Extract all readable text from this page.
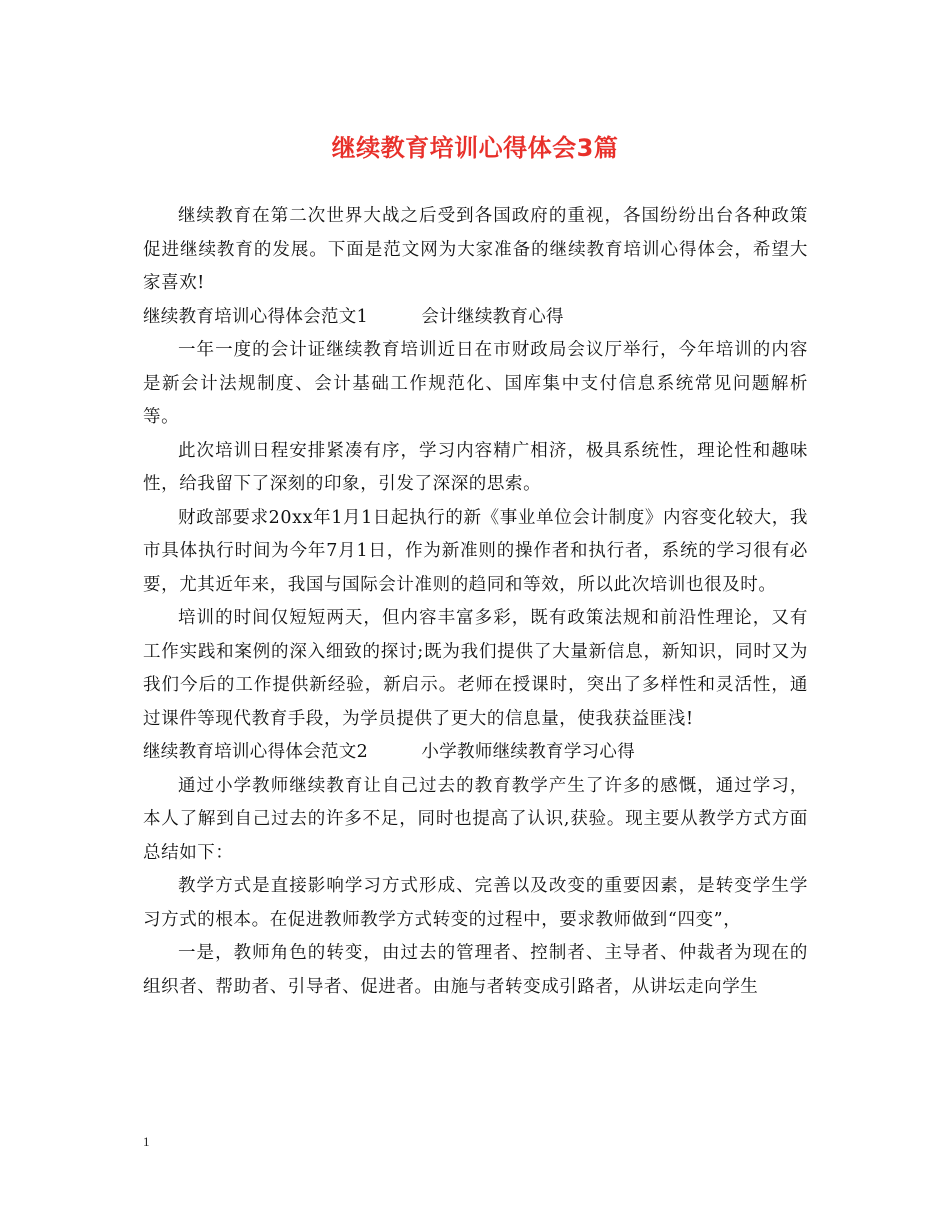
继续教育培训心得体会3篇

继续教育在第二次世界大战之后受到各国政府的重视，各国纷纷出台各种政策促进继续教育的发展。下面是范文网为大家准备的继续教育培训心得体会，希望大家喜欢!

继续教育培训心得体会范文1　　　会计继续教育心得

一年一度的会计证继续教育培训近日在市财政局会议厅举行，今年培训的内容是新会计法规制度、会计基础工作规范化、国库集中支付信息系统常见问题解析等。

此次培训日程安排紧凑有序，学习内容精广相济，极具系统性，理论性和趣味性，给我留下了深刻的印象，引发了深深的思索。

财政部要求20xx年1月1日起执行的新《事业单位会计制度》内容变化较大，我市具体执行时间为今年7月1日，作为新准则的操作者和执行者，系统的学习很有必要，尤其近年来，我国与国际会计准则的趋同和等效，所以此次培训也很及时。

培训的时间仅短短两天，但内容丰富多彩，既有政策法规和前沿性理论，又有工作实践和案例的深入细致的探讨;既为我们提供了大量新信息，新知识，同时又为我们今后的工作提供新经验，新启示。老师在授课时，突出了多样性和灵活性，通过课件等现代教育手段，为学员提供了更大的信息量，使我获益匪浅!

继续教育培训心得体会范文2　　　小学教师继续教育学习心得

通过小学教师继续教育让自己过去的教育教学产生了许多的感慨，通过学习，本人了解到自己过去的许多不足，同时也提高了认识,获验。现主要从教学方式方面总结如下：

教学方式是直接影响学习方式形成、完善以及改变的重要因素，是转变学生学习方式的根本。在促进教师教学方式转变的过程中，要求教师做到“四变”，

一是，教师角色的转变，由过去的管理者、控制者、主导者、仲裁者为现在的组织者、帮助者、引导者、促进者。由施与者转变成引路者，从讲坛走向学生

1
